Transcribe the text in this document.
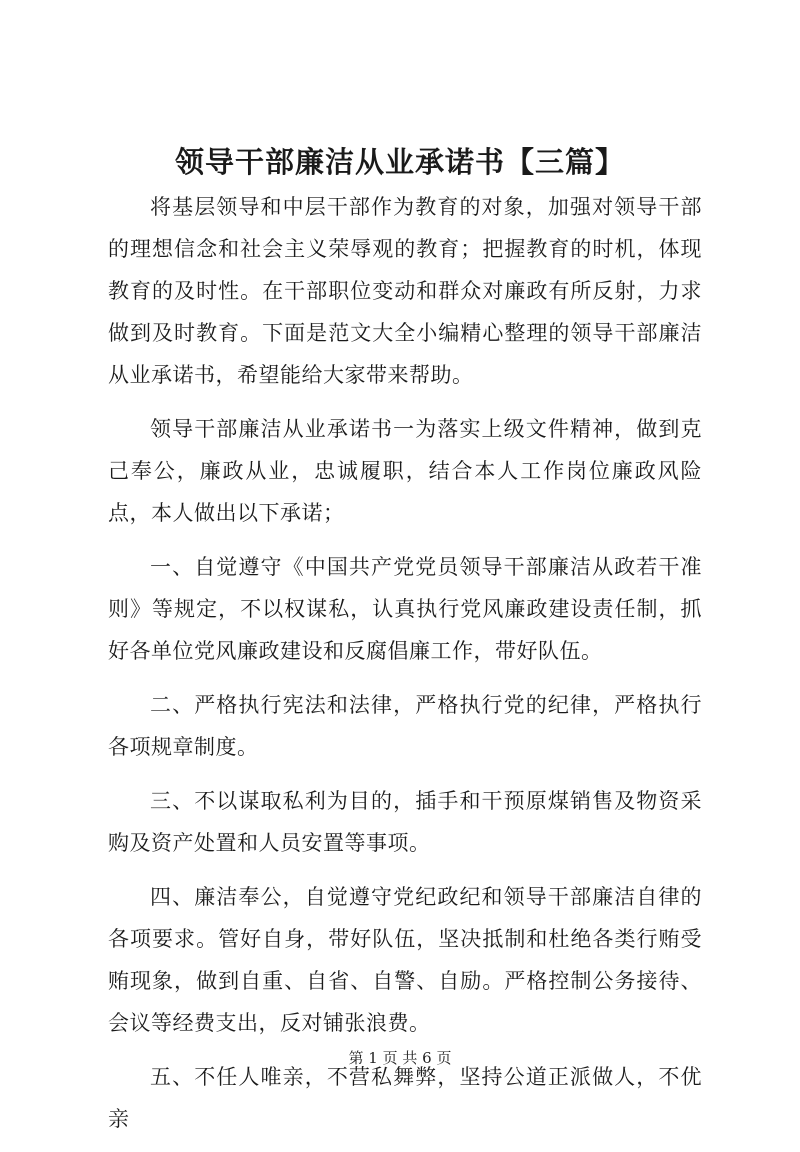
领导干部廉洁从业承诺书【三篇】

将基层领导和中层干部作为教育的对象，加强对领导干部的理想信念和社会主义荣辱观的教育；把握教育的时机，体现教育的及时性。在干部职位变动和群众对廉政有所反射，力求做到及时教育。下面是范文大全小编精心整理的领导干部廉洁从业承诺书，希望能给大家带来帮助。

领导干部廉洁从业承诺书一为落实上级文件精神，做到克己奉公，廉政从业，忠诚履职，结合本人工作岗位廉政风险点，本人做出以下承诺；

一、自觉遵守《中国共产党党员领导干部廉洁从政若干准则》等规定，不以权谋私，认真执行党风廉政建设责任制，抓好各单位党风廉政建设和反腐倡廉工作，带好队伍。

二、严格执行宪法和法律，严格执行党的纪律，严格执行各项规章制度。

三、不以谋取私利为目的，插手和干预原煤销售及物资采购及资产处置和人员安置等事项。

四、廉洁奉公，自觉遵守党纪政纪和领导干部廉洁自律的各项要求。管好自身，带好队伍，坚决抵制和杜绝各类行贿受贿现象，做到自重、自省、自警、自励。严格控制公务接待、会议等经费支出，反对铺张浪费。

五、不任人唯亲，不营私舞弊，坚持公道正派做人，不优亲

第 1 页 共 6 页
